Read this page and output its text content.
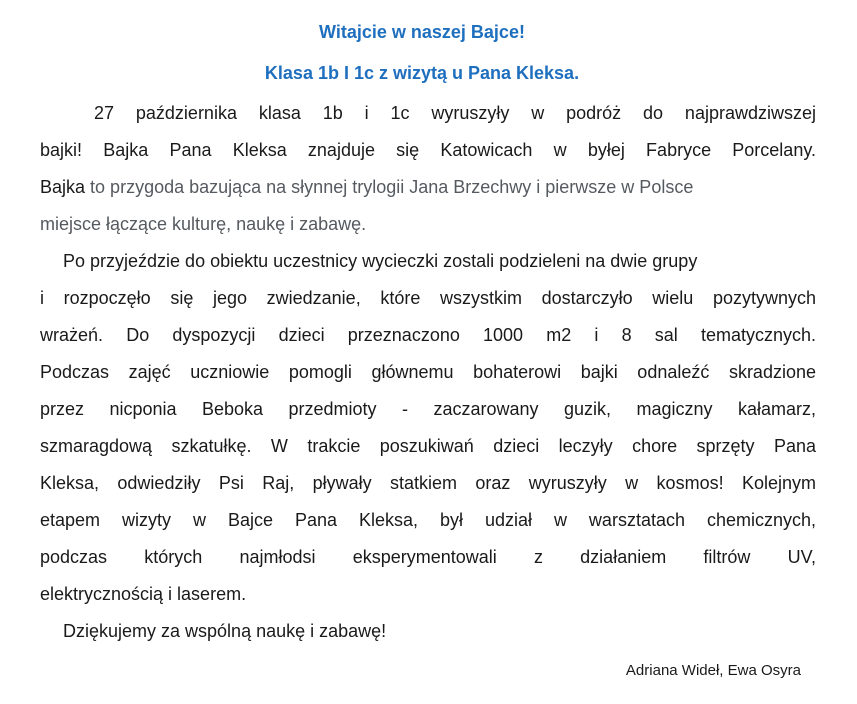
Witajcie w naszej Bajce!
Klasa 1b I 1c z wizytą u Pana Kleksa.
27 października klasa 1b i 1c wyruszyły w podróż do najprawdziwszej
bajki! Bajka Pana Kleksa znajduje się Katowicach w byłej Fabryce Porcelany.
Bajka to przygoda bazująca na słynnej trylogii Jana Brzechwy i pierwsze w Polsce
miejsce łączące kulturę, naukę i zabawę.
Po przyjeździe do obiektu uczestnicy wycieczki zostali podzieleni na dwie grupy
i rozpoczęło się jego zwiedzanie, które wszystkim dostarczyło wielu pozytywnych
wrażeń. Do dyspozycji dzieci przeznaczono 1000 m2 i 8 sal tematycznych.
Podczas zajęć uczniowie pomogli głównemu bohaterowi bajki odnaleźć skradzione
przez nicponia Beboka przedmioty - zaczarowany guzik, magiczny kałamarz,
szmaragdową szkatułkę. W trakcie poszukiwań dzieci leczyły chore sprzęty Pana
Kleksa, odwiedziły Psi Raj, pływały statkiem oraz wyruszyły w kosmos! Kolejnym
etapem wizyty w Bajce Pana Kleksa, był udział w warsztatach chemicznych,
podczas których najmłodsi eksperymentowali z działaniem filtrów UV,
elektrycznością i laserem.
Dziękujemy za wspólną naukę i zabawę!
Adriana Wideł, Ewa Osyra
